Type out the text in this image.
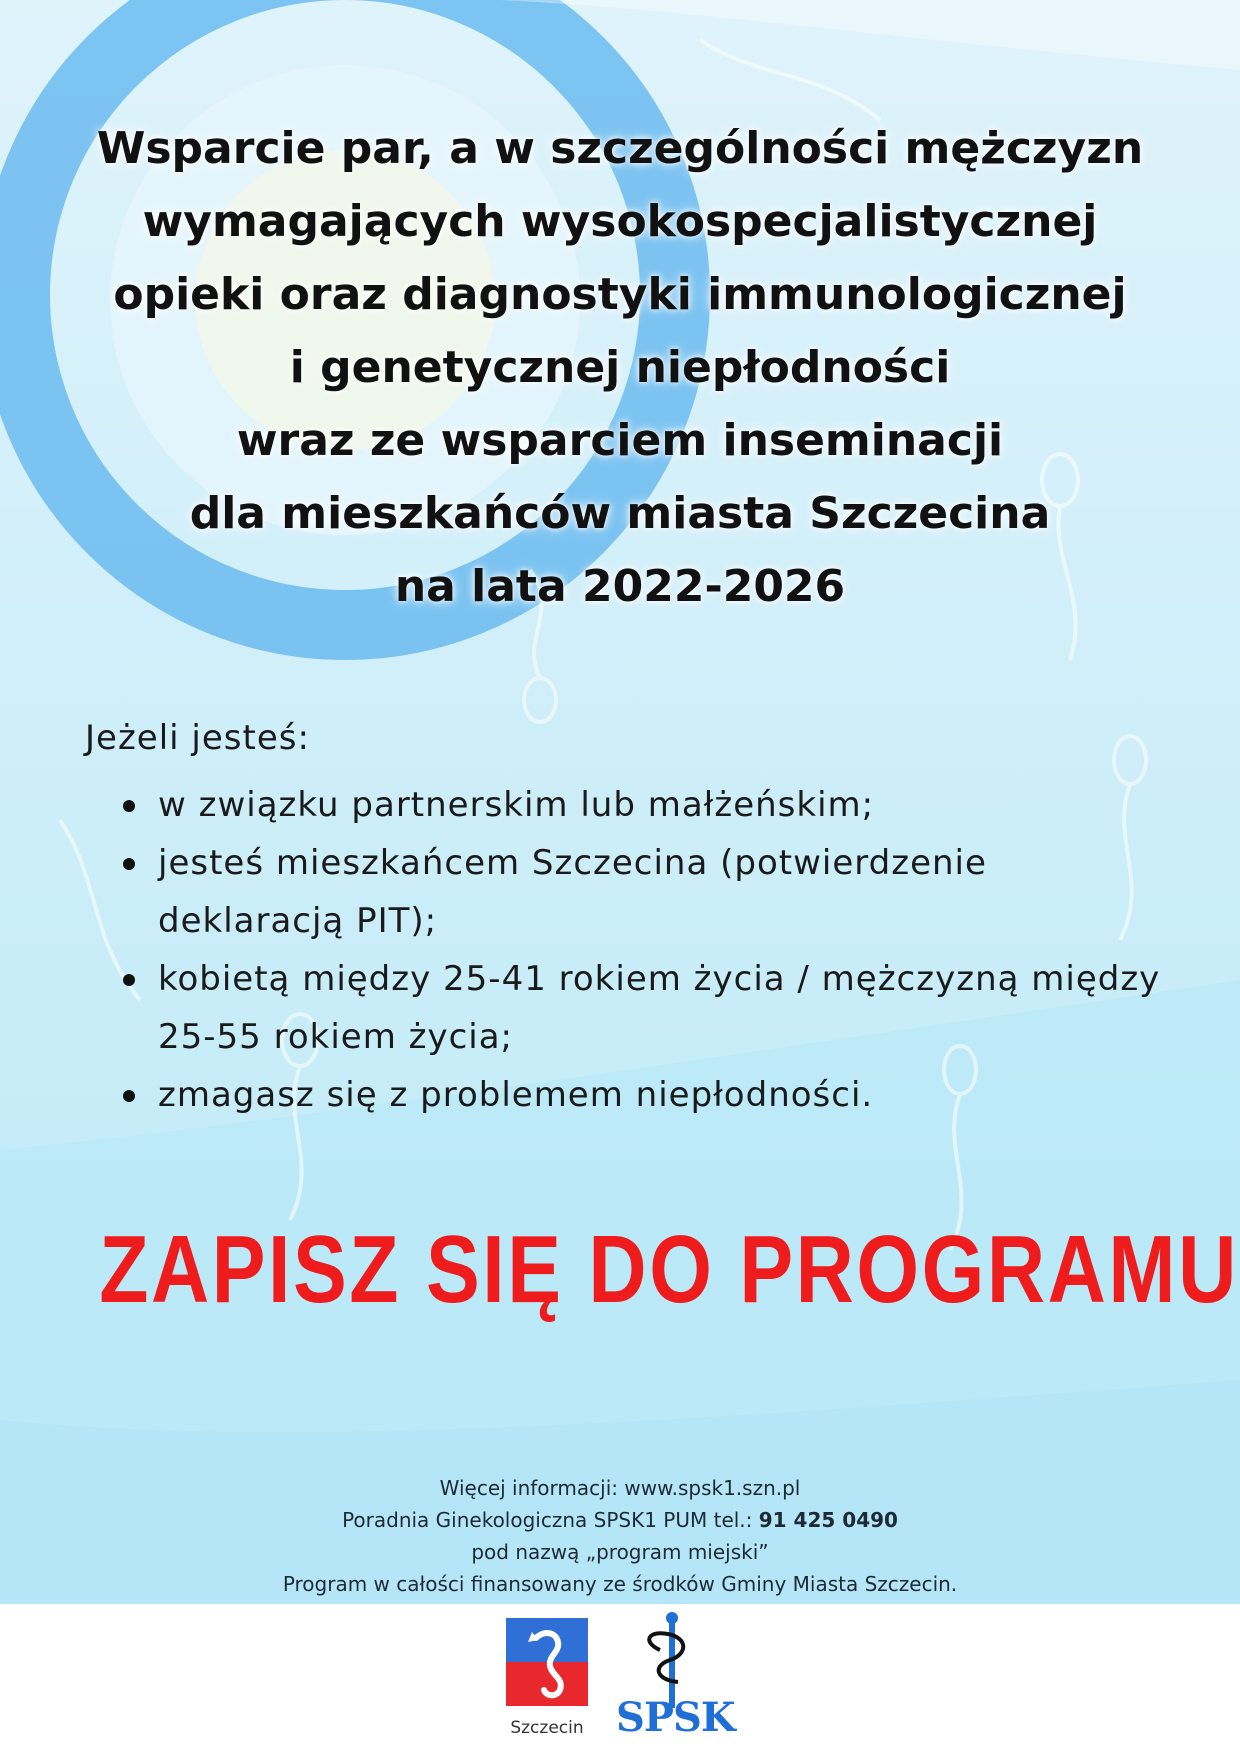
Wsparcie par, a w szczególności mężczyzn
wymagających wysokospecjalistycznej
opieki oraz diagnostyki immunologicznej
i genetycznej niepłodności
wraz ze wsparciem inseminacji
dla mieszkańców miasta Szczecina
na lata 2022-2026

Jeżeli jesteś:

w związku partnerskim lub małżeńskim;
jesteś mieszkańcem Szczecina (potwierdzenie deklaracją PIT);
kobietą między 25-41 rokiem życia / mężczyzną między 25-55 rokiem życia;
zmagasz się z problemem niepłodności.
ZAPISZ SIĘ DO PROGRAMU
Więcej informacji: www.spsk1.szn.pl
Poradnia Ginekologiczna SPSK1 PUM tel.: 91 425 0490
pod nazwą „program miejski”
Program w całości finansowany ze środków Gminy Miasta Szczecin.
Szczecin SPSK
